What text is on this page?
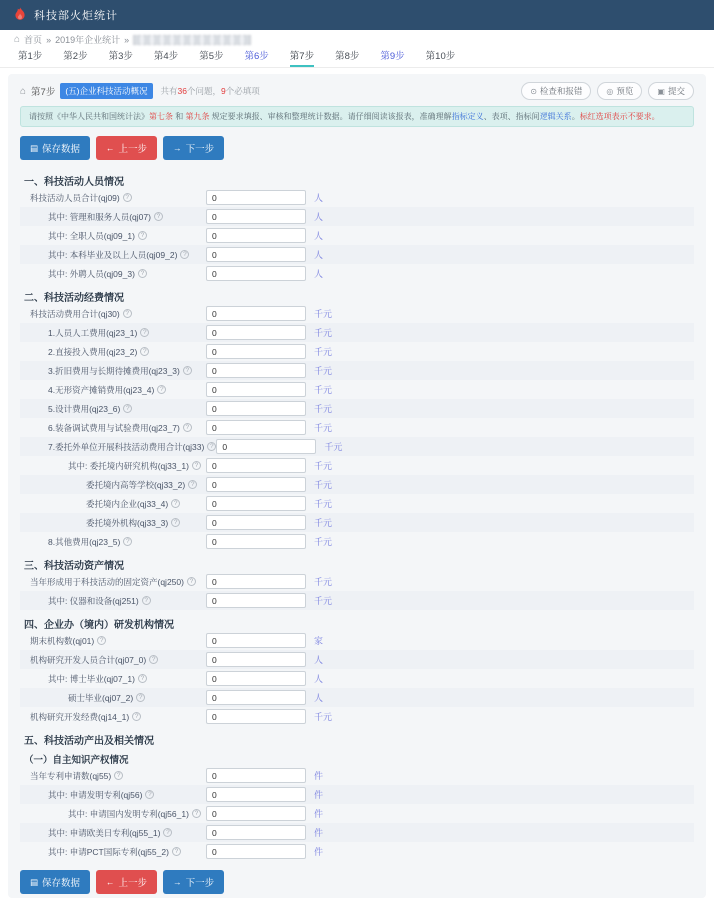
科技部火炬统计
⌂ 首页 » 2019年企业统计 »
第1步 第2步 第3步 第4步 第5步 第6步 第7步 第8步 第9步 第10步
⌂ 第7步	(五)企业科技活动概况	共有36个问题，9个必填项	⊙ 检查和报错	◎ 预览	▣ 提交
请按照《中华人民共和国统计法》第七条 和 第九条 规定要求填报、审核和整理统计数据。请仔细阅读该报表，准确理解指标定义、表项、指标间逻辑关系。标红选项表示不要求。
▤ 保存数据	← 上一步	→ 下一步
一、科技活动人员情况
科技活动人员合计(qj09) ?
0	人
其中: 管理和服务人员(qj07) ?
0	人
其中: 全职人员(qj09_1) ?
0	人
其中: 本科毕业及以上人员(qj09_2) ?
0	人
其中: 外聘人员(qj09_3) ?
0	人
二、科技活动经费情况
科技活动费用合计(qj30) ?
0	千元
1.人员人工费用(qj23_1) ?
0	千元
2.直接投入费用(qj23_2) ?
0	千元
3.折旧费用与长期待摊费用(qj23_3) ?
0	千元
4.无形资产摊销费用(qj23_4) ?
0	千元
5.设计费用(qj23_6) ?
0	千元
6.装备调试费用与试验费用(qj23_7) ?
0	千元
7.委托外单位开展科技活动费用合计(qj33) ?
0	千元
其中: 委托境内研究机构(qj33_1) ?
0	千元
委托境内高等学校(qj33_2) ?
0	千元
委托境内企业(qj33_4) ?
0	千元
委托境外机构(qj33_3) ?
0	千元
8.其他费用(qj23_5) ?
0	千元
三、科技活动资产情况
当年形成用于科技活动的固定资产(qj250) ?
0	千元
其中: 仪器和设备(qj251) ?
0	千元
四、企业办（境内）研发机构情况
期末机构数(qj01) ?
0	家
机构研究开发人员合计(qj07_0) ?
0	人
其中: 博士毕业(qj07_1) ?
0	人
硕士毕业(qj07_2) ?
0	人
机构研究开发经费(qj14_1) ?
0	千元
五、科技活动产出及相关情况
（一）自主知识产权情况
当年专利申请数(qj55) ?
0	件
其中: 申请发明专利(qj56) ?
0	件
其中: 申请国内发明专利(qj56_1) ?
0	件
其中: 申请欧美日专利(qj55_1) ?
0	件
其中: 申请PCT国际专利(qj55_2) ?
0	件
▤ 保存数据	← 上一步	→ 下一步
